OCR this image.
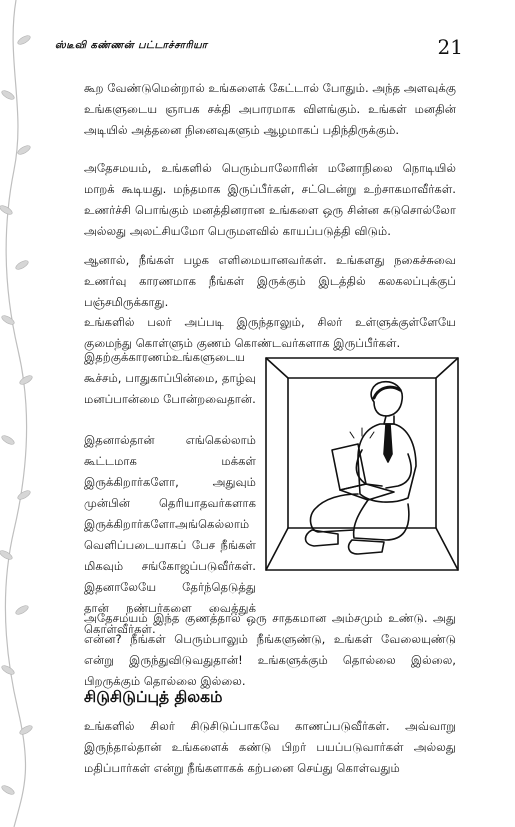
ஸ்டீவி கண்ணன் பட்டாச்சாரியா	21

கூற வேண்டுமென்றால் உங்களைக் கேட்டால் போதும். அந்த அளவுக்கு உங்களுடைய ஞாபக சக்தி அபாரமாக விளங்கும். உங்கள் மனதின் அடியில் அத்தனை நினைவுகளும் ஆழமாகப் பதிந்திருக்கும்.

அதேசமயம், உங்களில் பெரும்பாலோரின் மனோநிலை நொடியில் மாறக் கூடியது. மந்தமாக இருப்பீர்கள், சட்டென்று உற்சாகமாவீர்கள். உணர்ச்சி பொங்கும் மனத்தினரான உங்களை ஒரு சின்ன சுடுசொல்லோ அல்லது அலட்சியமோ பெருமளவில் காயப்படுத்தி விடும்.

ஆனால், நீங்கள் பழக எளிமையானவர்கள். உங்களது நகைச்சுவை உணர்வு காரணமாக நீங்கள் இருக்கும் இடத்தில் கலகலப்புக்குப் பஞ்சமிருக்காது.

உங்களில் பலர் அப்படி இருந்தாலும், சிலர் உள்ளுக்குள்ளேயே குமைந்து கொள்ளும் குணம் கொண்டவர்களாக இருப்பீர்கள்.

இதற்குக்காரணம்உங்களுடைய கூச்சம், பாதுகாப்பின்மை, தாழ்வு மனப்பான்மை போன்றவைதான்.

இதனால்தான் எங்கெல்லாம் கூட்டமாக மக்கள் இருக்கிறார்களோ, அதுவும் முன்பின் தெரியாதவர்களாக இருக்கிறார்களோஅங்கெல்லாம் வெளிப்படையாகப் பேச நீங்கள் மிகவும் சங்கோஜப்படுவீர்கள். இதனாலேயே தேர்ந்தெடுத்து தான் நண்பர்களை வைத்துக் கொள்வீர்கள்.

அதேசமயம் இந்த குணத்தால் ஒரு சாதகமான அம்சமும் உண்டு. அது என்ன? நீங்கள் பெரும்பாலும் நீங்களுண்டு, உங்கள் வேலையுண்டு என்று இருந்துவிடுவதுதான்! உங்களுக்கும் தொல்லை இல்லை, பிறருக்கும் தொல்லை இல்லை.

சிடுசிடுப்புத் திலகம்

உங்களில் சிலர் சிடுசிடுப்பாகவே காணப்படுவீர்கள். அவ்வாறு இருந்தால்தான் உங்களைக் கண்டு பிறர் பயப்படுவார்கள் அல்லது மதிப்பார்கள் என்று நீங்களாகக் கற்பனை செய்து கொள்வதும்
